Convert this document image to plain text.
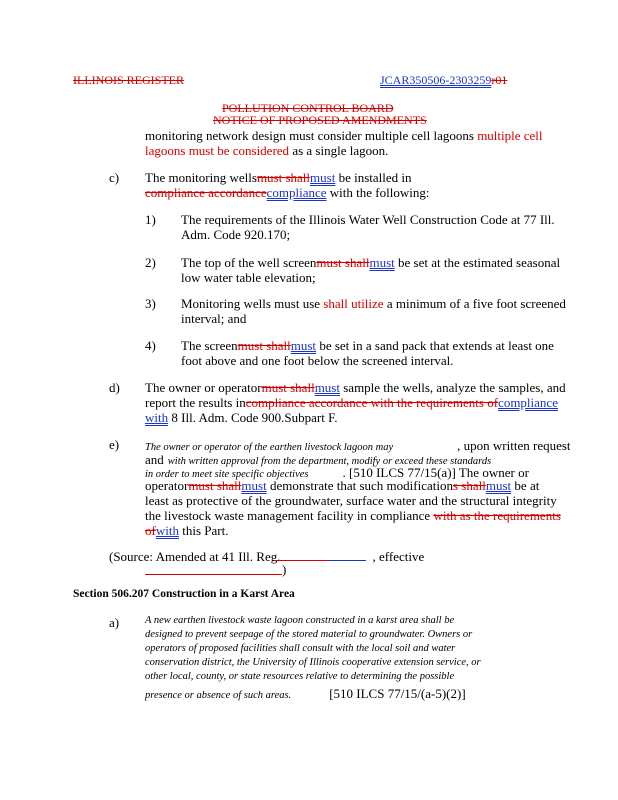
ILLINOIS REGISTER	JCAR350506-2303259r01
POLLUTION CONTROL BOARD
NOTICE OF PROPOSED AMENDMENTS
monitoring network design must consider multiple cell lagoons multiple cell
lagoons must be considered as a single lagoon.
c) The monitoring wellsmust shallmust be installed in
compliance accordancecompliance with the following:
1) The requirements of the Illinois Water Well Construction Code at 77 Ill.
Adm. Code 920.170;
2) The top of the well screenmust shallmust be set at the estimated seasonal
low water table elevation;
3) Monitoring wells must use shall utilize a minimum of a five foot screened
interval; and
4) The screenmust shallmust be set in a sand pack that extends at least one
foot above and one foot below the screened interval.
d) The owner or operatormust shallmust sample the wells, analyze the samples, and
report the results incompliance accordance with the requirements ofcompliance
with 8 Ill. Adm. Code 900.Subpart F.
e) The owner or operator of the earthen livestock lagoon may	, upon written request
and with written approval from the department, modify or exceed these standards
in order to meet site specific objectives	. [510 ILCS 77/15(a)] The owner or
operatormust shallmust demonstrate that such modifications shallmust be at
least as protective of the groundwater, surface water and the structural integrity
the livestock waste management facility in compliance with as the requirements
ofwith this Part.
(Source: Amended at 41 Ill. Reg.	, effective
)
Section 506.207 Construction in a Karst Area
a) A new earthen livestock waste lagoon constructed in a karst area shall be
designed to prevent seepage of the stored material to groundwater. Owners or
operators of proposed facilities shall consult with the local soil and water
conservation district, the University of Illinois cooperative extension service, or
other local, county, or state resources relative to determining the possible
presence or absence of such areas.	[510 ILCS 77/15/(a-5)(2)]
